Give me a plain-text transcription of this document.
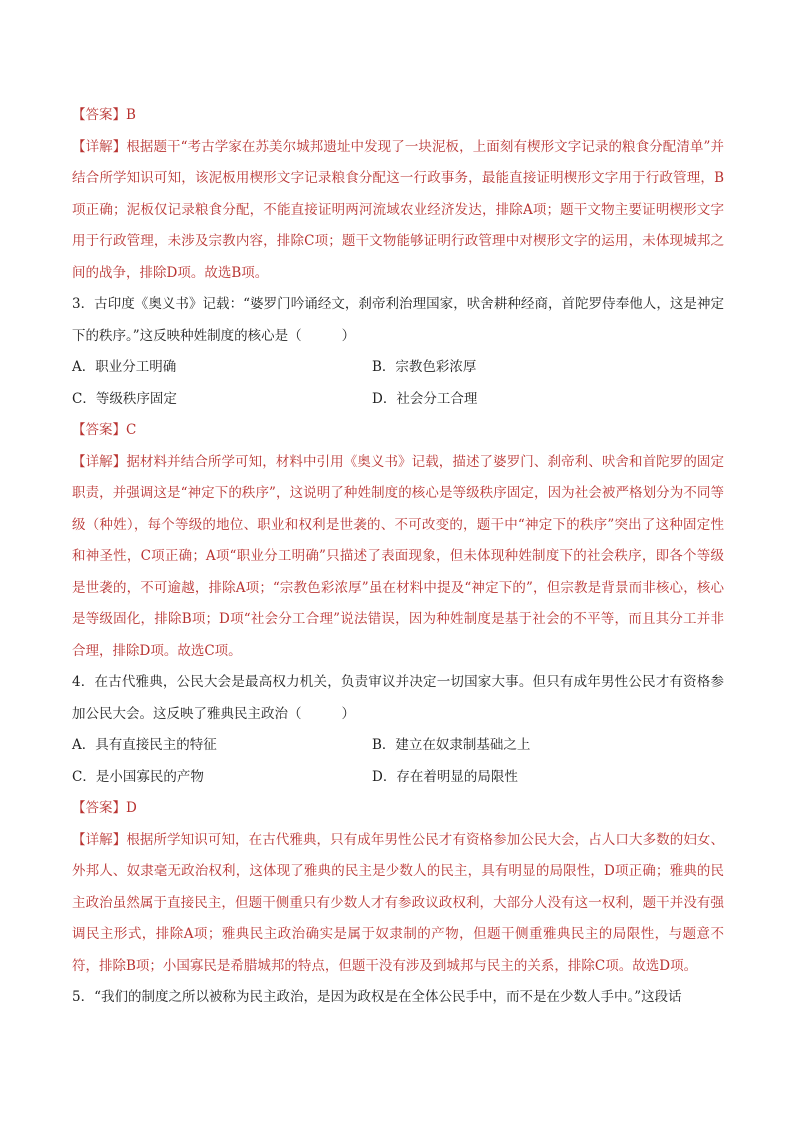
【答案】B

【详解】根据题干“考古学家在苏美尔城邦遗址中发现了一块泥板，上面刻有楔形文字记录的粮食分配清单”并结合所学知识可知，该泥板用楔形文字记录粮食分配这一行政事务，最能直接证明楔形文字用于行政管理，B项正确；泥板仅记录粮食分配，不能直接证明两河流域农业经济发达，排除A项；题干文物主要证明楔形文字用于行政管理，未涉及宗教内容，排除C项；题干文物能够证明行政管理中对楔形文字的运用，未体现城邦之间的战争，排除D项。故选B项。

3．古印度《奥义书》记载：“婆罗门吟诵经文，刹帝利治理国家，吠舍耕种经商，首陀罗侍奉他人，这是神定下的秩序。”这反映种姓制度的核心是（	）

A．职业分工明确	B．宗教色彩浓厚
C．等级秩序固定	D．社会分工合理

【答案】C

【详解】据材料并结合所学可知，材料中引用《奥义书》记载，描述了婆罗门、刹帝利、吠舍和首陀罗的固定职责，并强调这是“神定下的秩序”，这说明了种姓制度的核心是等级秩序固定，因为社会被严格划分为不同等级（种姓），每个等级的地位、职业和权利是世袭的、不可改变的，题干中“神定下的秩序”突出了这种固定性和神圣性，C项正确；A项“职业分工明确”只描述了表面现象，但未体现种姓制度下的社会秩序，即各个等级是世袭的，不可逾越，排除A项；“宗教色彩浓厚”虽在材料中提及“神定下的”，但宗教是背景而非核心，核心是等级固化，排除B项；D项“社会分工合理”说法错误，因为种姓制度是基于社会的不平等，而且其分工并非合理，排除D项。故选C项。

4．在古代雅典，公民大会是最高权力机关，负责审议并决定一切国家大事。但只有成年男性公民才有资格参加公民大会。这反映了雅典民主政治（	）

A．具有直接民主的特征	B．建立在奴隶制基础之上
C．是小国寡民的产物	D．存在着明显的局限性

【答案】D

【详解】根据所学知识可知，在古代雅典，只有成年男性公民才有资格参加公民大会，占人口大多数的妇女、外邦人、奴隶毫无政治权利，这体现了雅典的民主是少数人的民主，具有明显的局限性，D项正确；雅典的民主政治虽然属于直接民主，但题干侧重只有少数人才有参政议政权利，大部分人没有这一权利，题干并没有强调民主形式，排除A项；雅典民主政治确实是属于奴隶制的产物，但题干侧重雅典民主的局限性，与题意不符，排除B项；小国寡民是希腊城邦的特点，但题干没有涉及到城邦与民主的关系，排除C项。故选D项。

5．“我们的制度之所以被称为民主政治，是因为政权是在全体公民手中，而不是在少数人手中。”这段话
